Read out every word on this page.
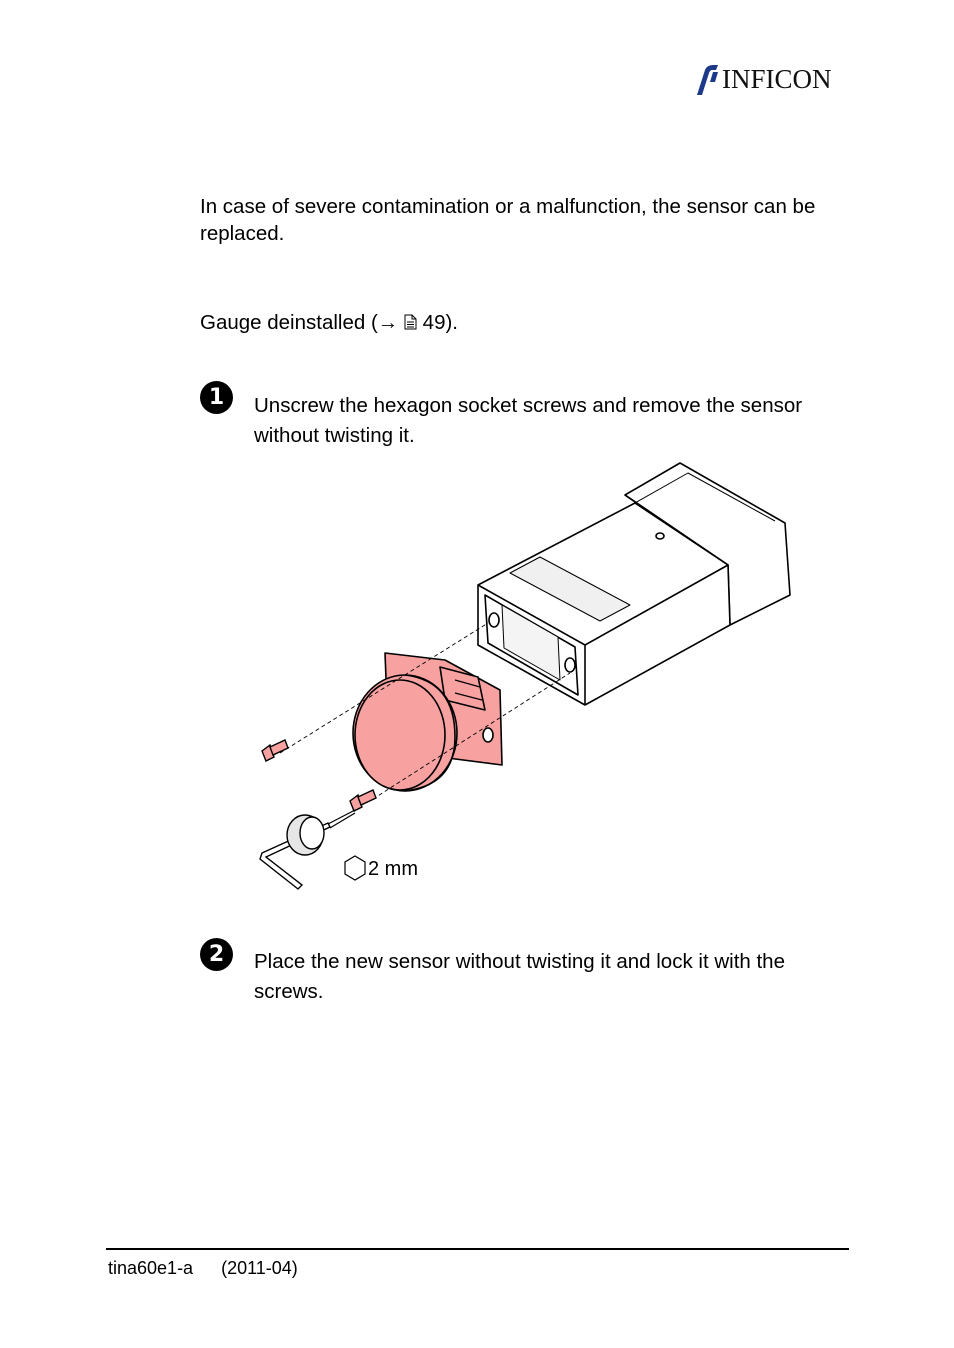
INFICON
In case of severe contamination or a malfunction, the sensor can be replaced.
Gauge deinstalled (→  49).
1	Unscrew the hexagon socket screws and remove the sensor without twisting it.
2 mm
2	Place the new sensor without twisting it and lock it with the screws.
tina60e1-a (2011-04)
